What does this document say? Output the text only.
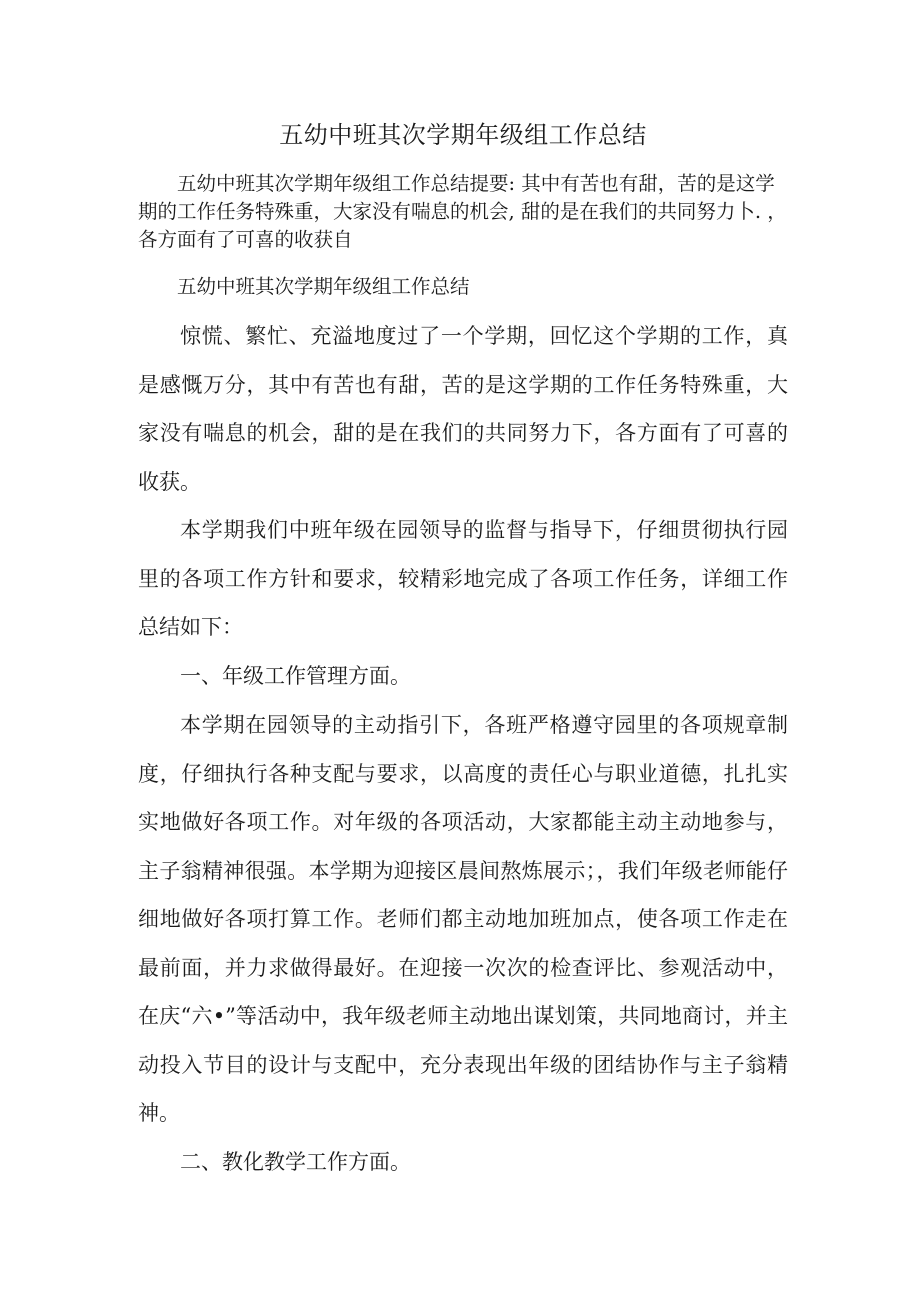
五幼中班其次学期年级组工作总结

五幼中班其次学期年级组工作总结提要: 其中有苦也有甜，苦的是这学期的工作任务特殊重，大家没有喘息的机会, 甜的是在我们的共同努力卜. ，各方面有了可喜的收获自

五幼中班其次学期年级组工作总结

惊慌、繁忙、充溢地度过了一个学期，回忆这个学期的工作，真是感慨万分，其中有苦也有甜，苦的是这学期的工作任务特殊重，大家没有喘息的机会，甜的是在我们的共同努力下，各方面有了可喜的收获。

本学期我们中班年级在园领导的监督与指导下，仔细贯彻执行园里的各项工作方针和要求，较精彩地完成了各项工作任务，详细工作总结如下：

一、年级工作管理方面。

本学期在园领导的主动指引下，各班严格遵守园里的各项规章制度，仔细执行各种支配与要求，以高度的责任心与职业道德，扎扎实实地做好各项工作。对年级的各项活动，大家都能主动主动地参与，主子翁精神很强。本学期为迎接区晨间熬炼展示；，我们年级老师能仔细地做好各项打算工作。老师们都主动地加班加点，使各项工作走在最前面，并力求做得最好。在迎接一次次的检查评比、参观活动中，在庆“六•”等活动中，我年级老师主动地出谋划策，共同地商讨，并主动投入节目的设计与支配中，充分表现出年级的团结协作与主子翁精神。

二、教化教学工作方面。
